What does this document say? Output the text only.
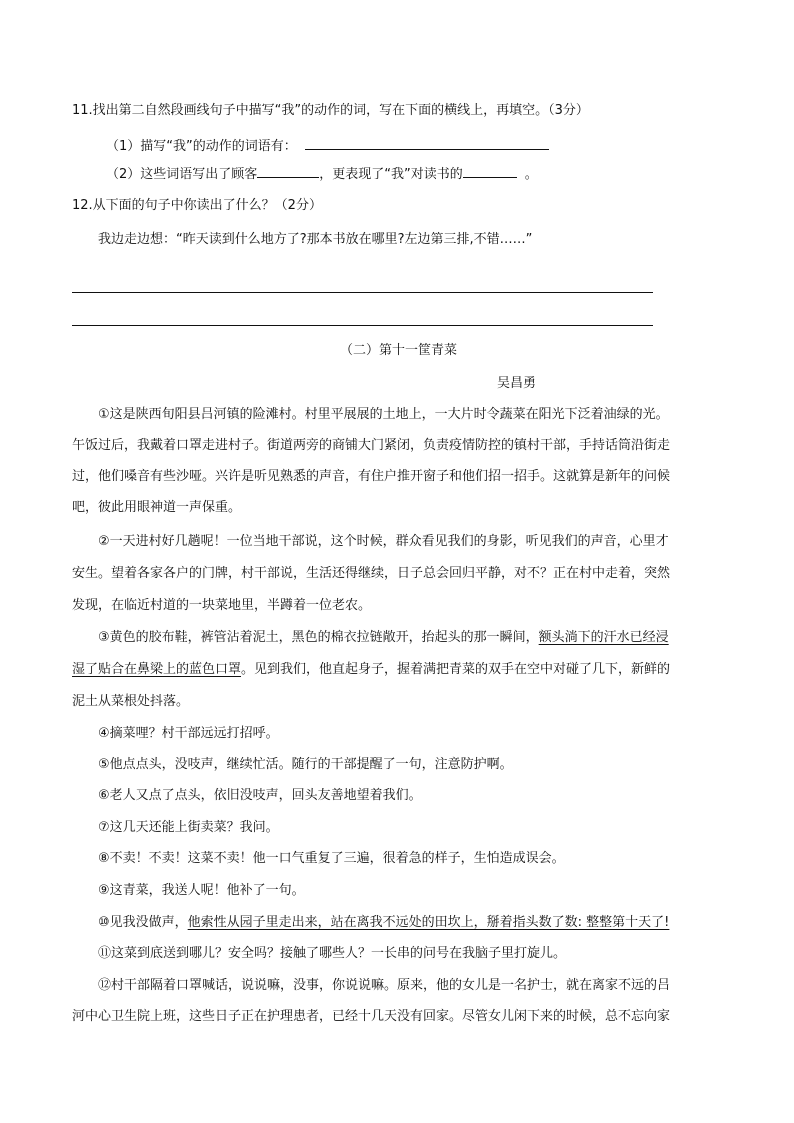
11.找出第二自然段画线句子中描写“我”的动作的词，写在下面的横线上，再填空。（3分）
（1）描写“我”的动作的词语有：
（2）这些词语写出了顾客	，更表现了“我”对读书的	。
12.从下面的句子中你读出了什么？（2分）
我边走边想：“昨天读到什么地方了?那本书放在哪里?左边第三排,不错……”
（二）第十一筐青菜
吴昌勇
①这是陕西旬阳县吕河镇的险滩村。村里平展展的土地上，一大片时令蔬菜在阳光下泛着油绿的光。
午饭过后，我戴着口罩走进村子。街道两旁的商铺大门紧闭，负责疫情防控的镇村干部，手持话筒沿街走
过，他们嗓音有些沙哑。兴许是听见熟悉的声音，有住户推开窗子和他们招一招手。这就算是新年的问候
吧，彼此用眼神道一声保重。
②一天进村好几趟呢！一位当地干部说，这个时候，群众看见我们的身影，听见我们的声音，心里才
安生。望着各家各户的门牌，村干部说，生活还得继续，日子总会回归平静，对不？正在村中走着，突然
发现，在临近村道的一块菜地里，半蹲着一位老农。
③黄色的胶布鞋，裤管沾着泥土，黑色的棉衣拉链敞开，抬起头的那一瞬间，额头淌下的汗水已经浸
湿了贴合在鼻梁上的蓝色口罩。见到我们，他直起身子，握着满把青菜的双手在空中对碰了几下，新鲜的
泥土从菜根处抖落。
④摘菜哩？村干部远远打招呼。
⑤他点点头，没吱声，继续忙活。随行的干部提醒了一句，注意防护啊。
⑥老人又点了点头，依旧没吱声，回头友善地望着我们。
⑦这几天还能上街卖菜？我问。
⑧不卖！不卖！这菜不卖！他一口气重复了三遍，很着急的样子，生怕造成误会。
⑨这青菜，我送人呢！他补了一句。
⑩见我没做声，他索性从园子里走出来，站在离我不远处的田坎上，掰着指头数了数: 整整第十天了!
⑪这菜到底送到哪儿？安全吗？接触了哪些人？一长串的问号在我脑子里打旋儿。
⑫村干部隔着口罩喊话，说说嘛，没事，你说说嘛。原来，他的女儿是一名护士，就在离家不远的吕
河中心卫生院上班，这些日子正在护理患者，已经十几天没有回家。尽管女儿闲下来的时候，总不忘向家
